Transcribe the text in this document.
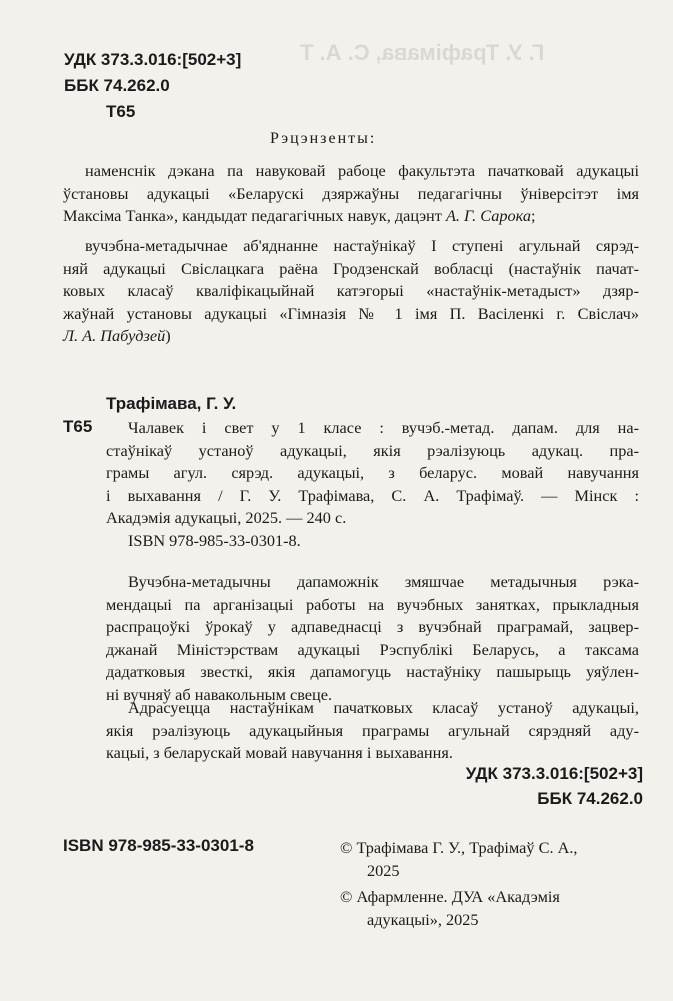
Г. У. Трафімава, С. А. Т
УДК 373.3.016:[502+3]
ББК 74.262.0
Т65
Рэцэнзенты:
наменснік дэкана па навуковай рабоце факультэта пачатковай адукацыі
ўстановы адукацыі «Беларускі дзяржаўны педагагічны ўніверсітэт імя
Максіма Танка», кандыдат педагагічных навук, дацэнт А. Г. Сарока;
вучэбна-метадычнае аб'яднанне настаўнікаў I ступені агульнай сярэд-
няй адукацыі Свіслацкага раёна Гродзенскай вобласці (настаўнік пачат-
ковых класаў кваліфікацыйнай катэгорыі «настаўнік-метадыст» дзяр-
жаўнай установы адукацыі «Гімназія № 1 імя П. Васіленкі г. Свіслач»
Л. А. Пабудзей)
Трафімава, Г. У.
Т65	Чалавек і свет у 1 класе : вучэб.-метад. дапам. для на-
стаўнікаў устаноў адукацыі, якія рэалізуюць адукац. пра-
грамы агул. сярэд. адукацыі, з беларус. мовай навучання
і выхавання / Г. У. Трафімава, С. А. Трафімаў. — Мінск :
Акадэмія адукацыі, 2025. — 240 с.
ISBN 978-985-33-0301-8.
Вучэбна-метадычны дапаможнік змяшчае метадычныя рэка-
мендацыі па арганізацыі работы на вучэбных занятках, прыкладныя
распрацоўкі ўрокаў у адпаведнасці з вучэбнай праграмай, зацвер-
джанай Міністэрствам адукацыі Рэспублікі Беларусь, а таксама
дадатковыя звесткі, якія дапамогуць настаўніку пашырыць уяўлен-
ні вучняў аб навакольным свеце.
Адрасуецца настаўнікам пачатковых класаў устаноў адукацыі,
якія рэалізуюць адукацыйныя праграмы агульнай сярэдняй аду-
кацыі, з беларускай мовай навучання і выхавання.
УДК 373.3.016:[502+3]
ББК 74.262.0
ISBN 978-985-33-0301-8	© Трафімава Г. У., Трафімаў С. А.,
2025
© Афармленне. ДУА «Акадэмія
адукацыі», 2025
